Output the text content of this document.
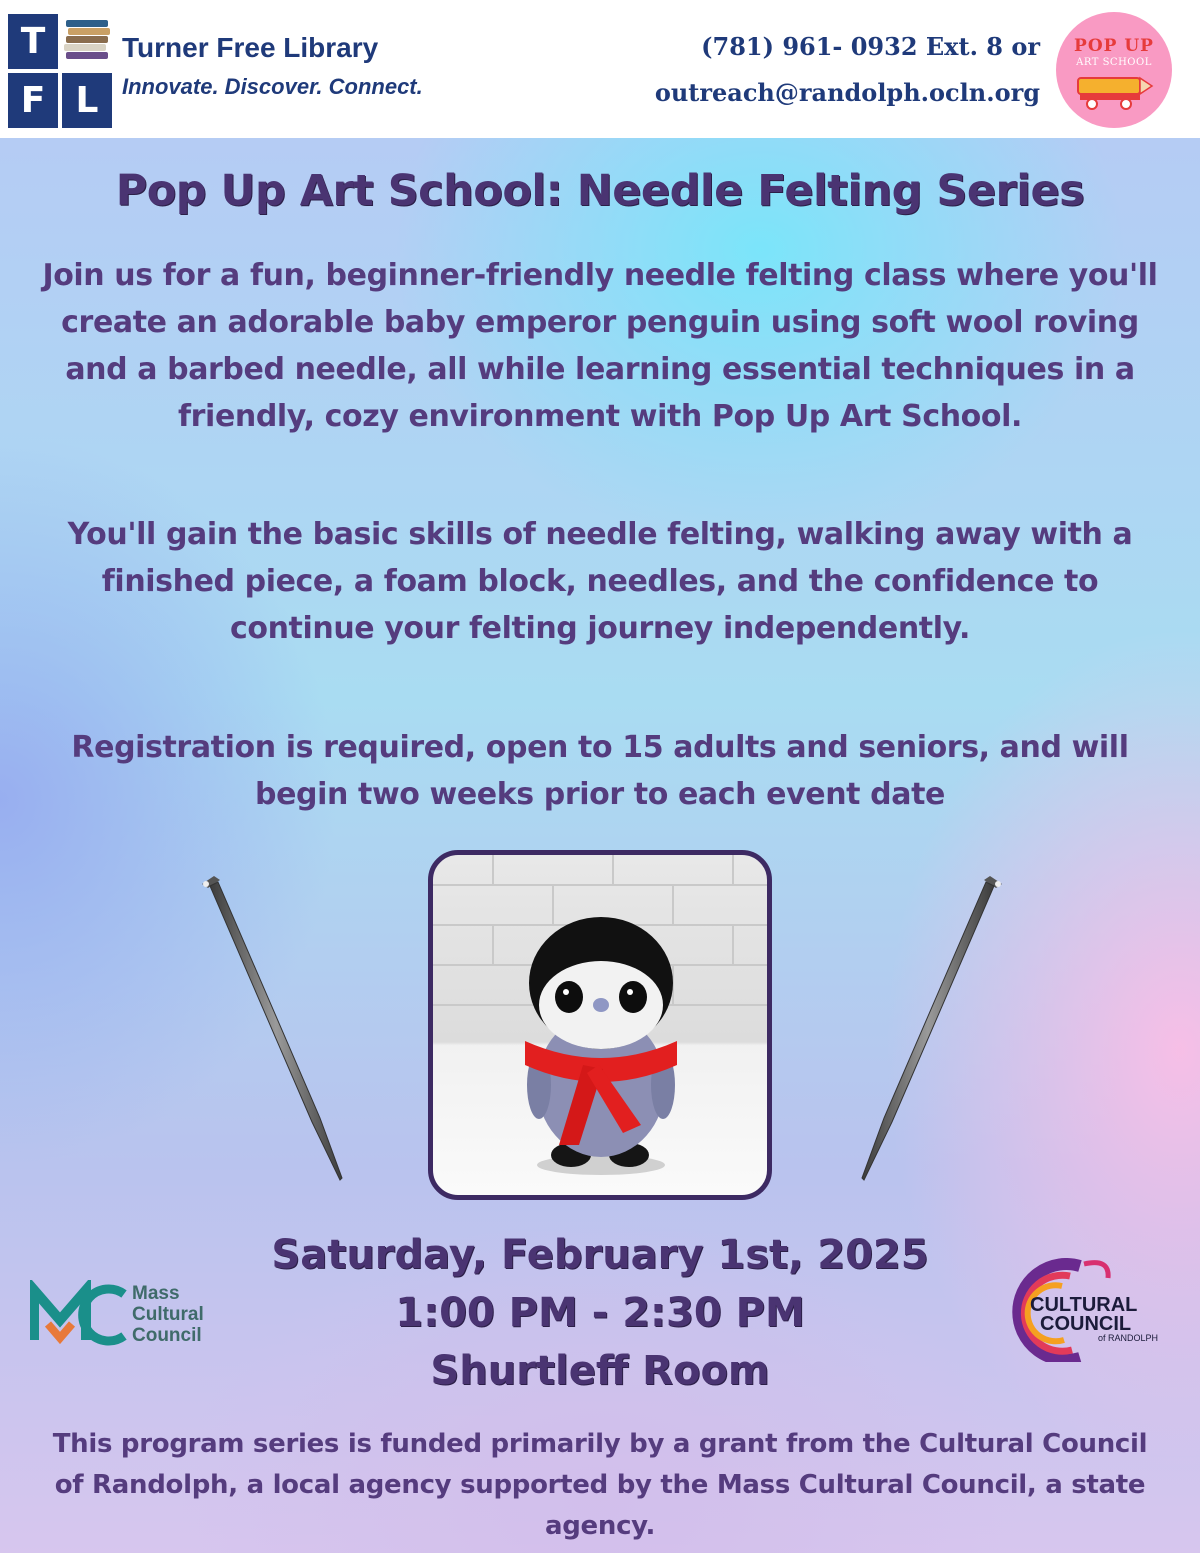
T
F L
Turner Free Library
Innovate. Discover. Connect.
(781) 961- 0932 Ext. 8 or
outreach@randolph.ocln.org
POP UP
ART SCHOOL
Pop Up Art School: Needle Felting Series

Join us for a fun, beginner-friendly needle felting class where you'll create an adorable baby emperor penguin using soft wool roving and a barbed needle, all while learning essential techniques in a friendly, cozy environment with Pop Up Art School.

You'll gain the basic skills of needle felting, walking away with a finished piece, a foam block, needles, and the confidence to continue your felting journey independently.

Registration is required, open to 15 adults and seniors, and will begin two weeks prior to each event date

Saturday, February 1st, 2025
1:00 PM - 2:30 PM
Shurtleff Room
Mass
Cultural
Council
CULTURAL
COUNCIL
of RANDOLPH
This program series is funded primarily by a grant from the Cultural Council of Randolph, a local agency supported by the Mass Cultural Council, a state agency.
